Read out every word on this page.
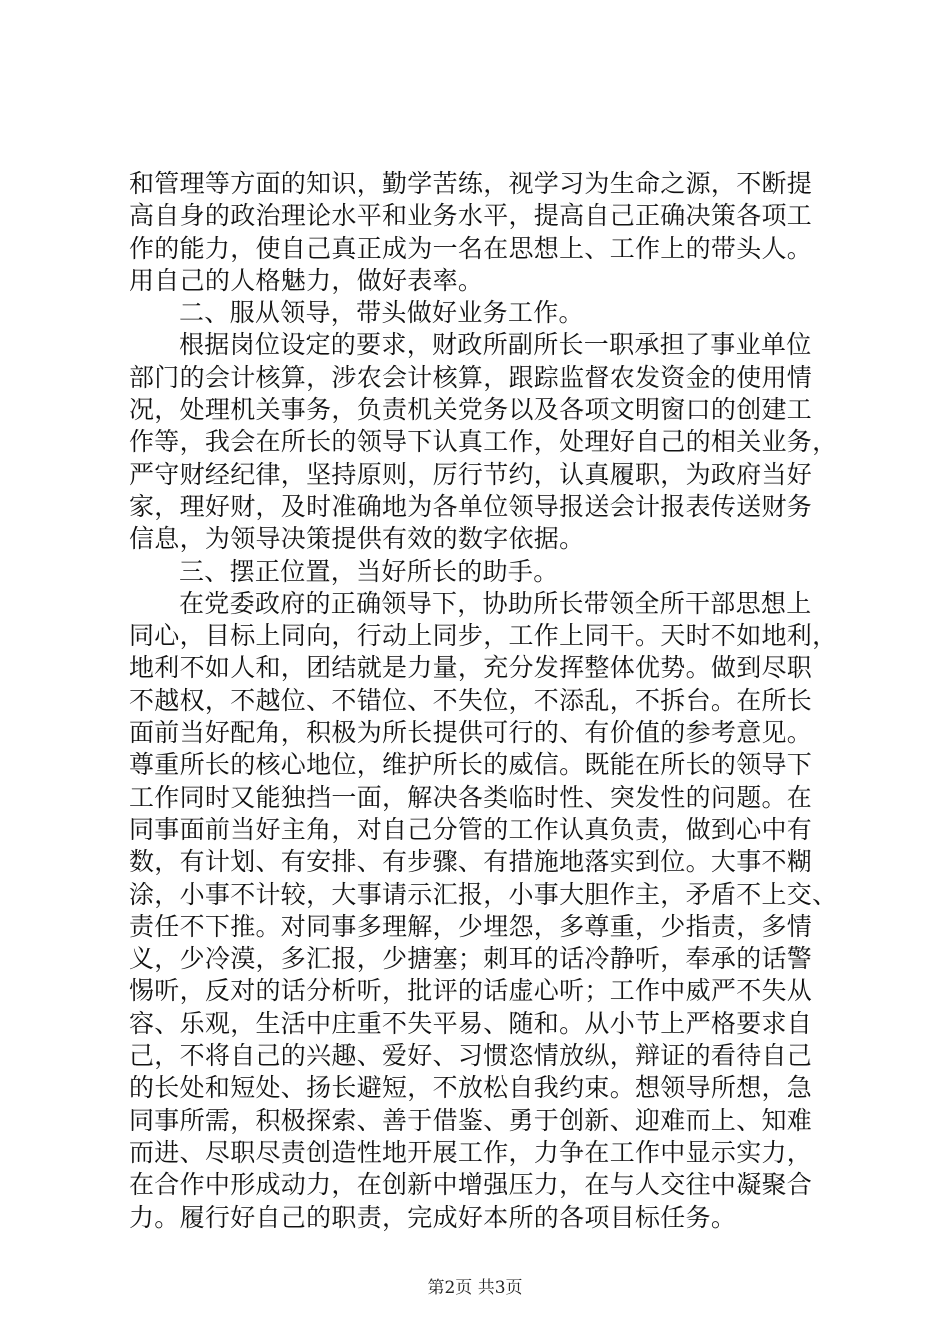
和管理等方面的知识，勤学苦练，视学习为生命之源，不断提
高自身的政治理论水平和业务水平，提高自己正确决策各项工
作的能力，使自己真正成为一名在思想上、工作上的带头人。
用自己的人格魅力，做好表率。
二、服从领导，带头做好业务工作。
根据岗位设定的要求，财政所副所长一职承担了事业单位
部门的会计核算，涉农会计核算，跟踪监督农发资金的使用情
况，处理机关事务，负责机关党务以及各项文明窗口的创建工
作等，我会在所长的领导下认真工作，处理好自己的相关业务，
严守财经纪律，坚持原则，厉行节约，认真履职，为政府当好
家，理好财，及时准确地为各单位领导报送会计报表传送财务
信息，为领导决策提供有效的数字依据。
三、摆正位置，当好所长的助手。
在党委政府的正确领导下，协助所长带领全所干部思想上
同心，目标上同向，行动上同步，工作上同干。天时不如地利，
地利不如人和，团结就是力量，充分发挥整体优势。做到尽职
不越权，不越位、不错位、不失位，不添乱，不拆台。在所长
面前当好配角，积极为所长提供可行的、有价值的参考意见。
尊重所长的核心地位，维护所长的威信。既能在所长的领导下
工作同时又能独挡一面，解决各类临时性、突发性的问题。在
同事面前当好主角，对自己分管的工作认真负责，做到心中有
数，有计划、有安排、有步骤、有措施地落实到位。大事不糊
涂，小事不计较，大事请示汇报，小事大胆作主，矛盾不上交、
责任不下推。对同事多理解，少埋怨，多尊重，少指责，多情
义，少冷漠，多汇报，少搪塞；刺耳的话冷静听，奉承的话警
惕听，反对的话分析听，批评的话虚心听；工作中威严不失从
容、乐观，生活中庄重不失平易、随和。从小节上严格要求自
己，不将自己的兴趣、爱好、习惯恣情放纵，辩证的看待自己
的长处和短处、扬长避短，不放松自我约束。想领导所想，急
同事所需，积极探索、善于借鉴、勇于创新、迎难而上、知难
而进、尽职尽责创造性地开展工作，力争在工作中显示实力，
在合作中形成动力，在创新中增强压力，在与人交往中凝聚合
力。履行好自己的职责，完成好本所的各项目标任务。
第2页 共3页
